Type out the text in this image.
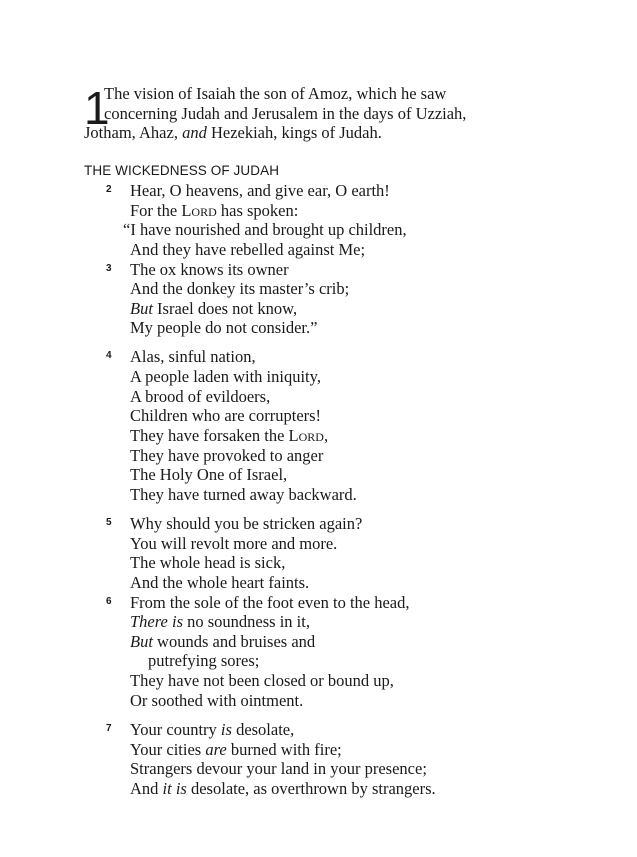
1
The vision of Isaiah the son of Amoz, which he saw
concerning Judah and Jerusalem in the days of Uzziah,
Jotham, Ahaz, and Hezekiah, kings of Judah.
THE WICKEDNESS OF JUDAH
2 Hear, O heavens, and give ear, O earth!
For the Lord has spoken:
“I have nourished and brought up children,
And they have rebelled against Me;
3 The ox knows its owner
And the donkey its master’s crib;
But Israel does not know,
My people do not consider.”
4 Alas, sinful nation,
A people laden with iniquity,
A brood of evildoers,
Children who are corrupters!
They have forsaken the Lord,
They have provoked to anger
The Holy One of Israel,
They have turned away backward.
5 Why should you be stricken again?
You will revolt more and more.
The whole head is sick,
And the whole heart faints.
6 From the sole of the foot even to the head,
There is no soundness in it,
But wounds and bruises and
putrefying sores;
They have not been closed or bound up,
Or soothed with ointment.
7 Your country is desolate,
Your cities are burned with fire;
Strangers devour your land in your presence;
And it is desolate, as overthrown by strangers.
